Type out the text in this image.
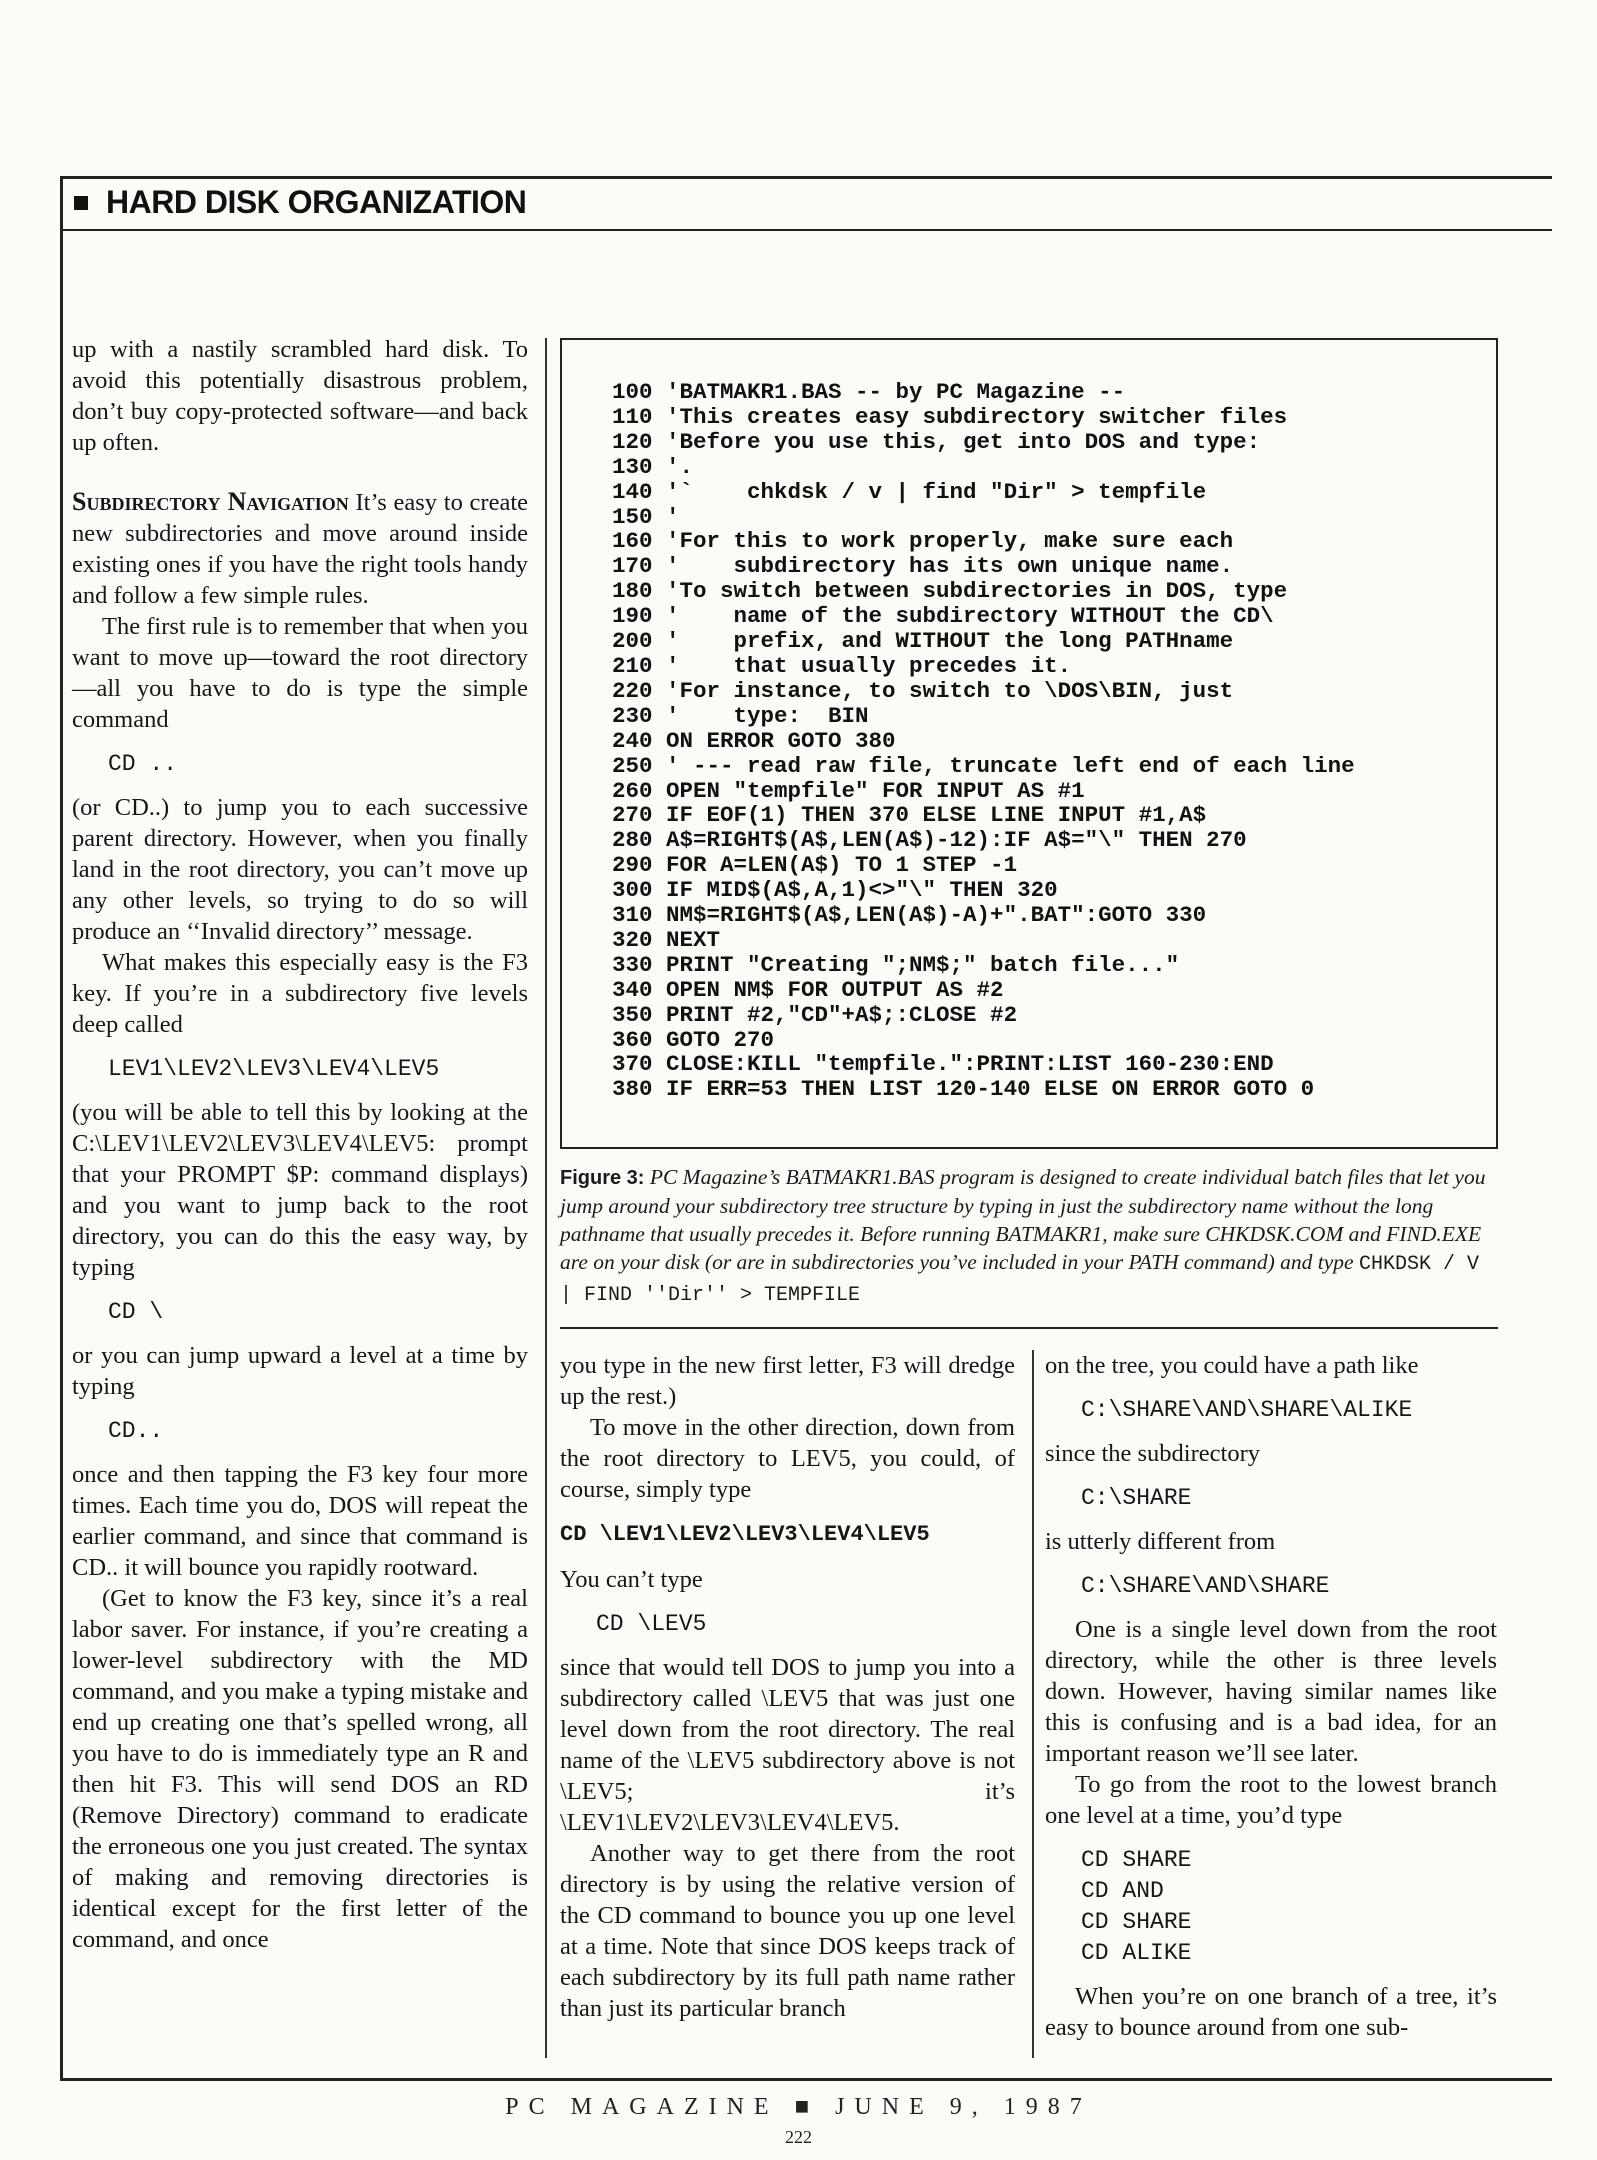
HARD DISK ORGANIZATION

up with a nastily scrambled hard disk. To avoid this potentially disastrous problem, don’t buy copy-protected software—and back up often.

Subdirectory Navigation It’s easy to create new subdirectories and move around inside existing ones if you have the right tools handy and follow a few simple rules.

The first rule is to remember that when you want to move up—toward the root directory—all you have to do is type the simple command

CD ..

(or CD..) to jump you to each successive parent directory. However, when you finally land in the root directory, you can’t move up any other levels, so trying to do so will produce an ‘‘Invalid directory’’ message.

What makes this especially easy is the F3 key. If you’re in a subdirectory five levels deep called

LEV1\LEV2\LEV3\LEV4\LEV5

(you will be able to tell this by looking at the C:\LEV1\LEV2\LEV3\LEV4\LEV5: prompt that your PROMPT $P: command displays) and you want to jump back to the root directory, you can do this the easy way, by typing

CD \

or you can jump upward a level at a time by typing

CD..

once and then tapping the F3 key four more times. Each time you do, DOS will repeat the earlier command, and since that command is CD.. it will bounce you rapidly rootward.

(Get to know the F3 key, since it’s a real labor saver. For instance, if you’re creating a lower-level subdirectory with the MD command, and you make a typing mistake and end up creating one that’s spelled wrong, all you have to do is immediately type an R and then hit F3. This will send DOS an RD (Remove Directory) command to eradicate the erroneous one you just created. The syntax of making and removing directories is identical except for the first letter of the command, and once

100 'BATMAKR1.BAS -- by PC Magazine --
110 'This creates easy subdirectory switcher files
120 'Before you use this, get into DOS and type:
130 '.
140 '`    chkdsk / v | find "Dir" > tempfile
150 '
160 'For this to work properly, make sure each
170 '    subdirectory has its own unique name.
180 'To switch between subdirectories in DOS, type
190 '    name of the subdirectory WITHOUT the CD\
200 '    prefix, and WITHOUT the long PATHname
210 '    that usually precedes it.
220 'For instance, to switch to \DOS\BIN, just
230 '    type:  BIN
240 ON ERROR GOTO 380
250 ' --- read raw file, truncate left end of each line
260 OPEN "tempfile" FOR INPUT AS #1
270 IF EOF(1) THEN 370 ELSE LINE INPUT #1,A$
280 A$=RIGHT$(A$,LEN(A$)-12):IF A$="\" THEN 270
290 FOR A=LEN(A$) TO 1 STEP -1
300 IF MID$(A$,A,1)<>"\" THEN 320
310 NM$=RIGHT$(A$,LEN(A$)-A)+".BAT":GOTO 330
320 NEXT
330 PRINT "Creating ";NM$;" batch file..."
340 OPEN NM$ FOR OUTPUT AS #2
350 PRINT #2,"CD"+A$;:CLOSE #2
360 GOTO 270
370 CLOSE:KILL "tempfile.":PRINT:LIST 160-230:END
380 IF ERR=53 THEN LIST 120-140 ELSE ON ERROR GOTO 0
Figure 3: PC Magazine’s BATMAKR1.BAS program is designed to create individual batch files that let you jump around your subdirectory tree structure by typing in just the subdirectory name without the long pathname that usually precedes it. Before running BATMAKR1, make sure CHKDSK.COM and FIND.EXE are on your disk (or are in subdirectories you’ve included in your PATH command) and type CHKDSK / V | FIND ''Dir'' > TEMPFILE

you type in the new first letter, F3 will dredge up the rest.)

To move in the other direction, down from the root directory to LEV5, you could, of course, simply type

CD \LEV1\LEV2\LEV3\LEV4\LEV5

You can’t type

CD \LEV5

since that would tell DOS to jump you into a subdirectory called \LEV5 that was just one level down from the root directory. The real name of the \LEV5 subdirectory above is not \LEV5; it’s \LEV1\LEV2\LEV3\LEV4\LEV5.

Another way to get there from the root directory is by using the relative version of the CD command to bounce you up one level at a time. Note that since DOS keeps track of each subdirectory by its full path name rather than just its particular branch

on the tree, you could have a path like

C:\SHARE\AND\SHARE\ALIKE

since the subdirectory

C:\SHARE

is utterly different from

C:\SHARE\AND\SHARE

One is a single level down from the root directory, while the other is three levels down. However, having similar names like this is confusing and is a bad idea, for an important reason we’ll see later.

To go from the root to the lowest branch one level at a time, you’d type

CD SHARE
CD AND
CD SHARE
CD ALIKE

When you’re on one branch of a tree, it’s easy to bounce around from one sub-

PC MAGAZINE ■ JUNE 9, 1987
222
